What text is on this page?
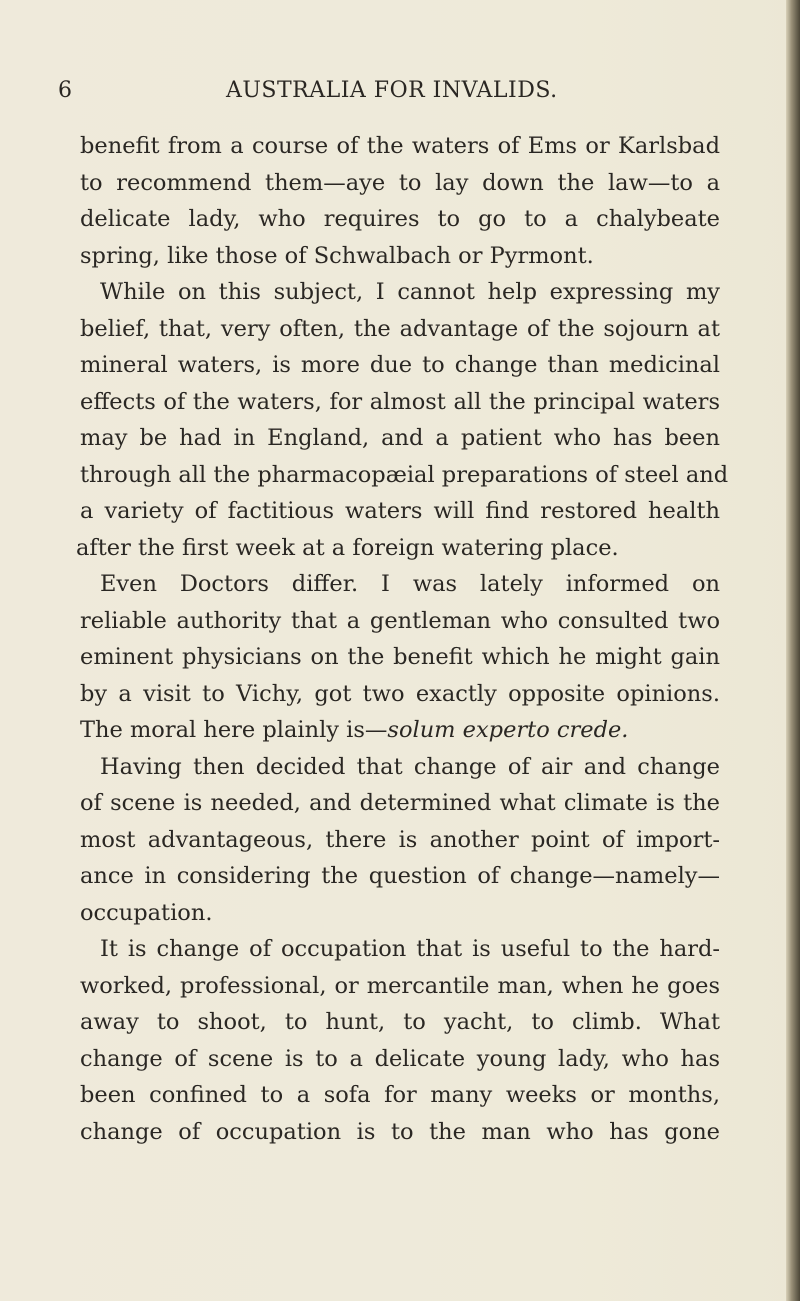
6	AUSTRALIA FOR INVALIDS.
benefit from a course of the waters of Ems or Karlsbad
to recommend them—aye to lay down the law—to a
delicate lady, who requires to go to a chalybeate
spring, like those of Schwalbach or Pyrmont.
While on this subject, I cannot help expressing my
belief, that, very often, the advantage of the sojourn at
mineral waters, is more due to change than medicinal
effects of the waters, for almost all the principal waters
may be had in England, and a patient who has been
through all the pharmacopæial preparations of steel and
a variety of factitious waters will find restored health
after the first week at a foreign watering place.
Even Doctors differ. I was lately informed on
reliable authority that a gentleman who consulted two
eminent physicians on the benefit which he might gain
by a visit to Vichy, got two exactly opposite opinions.
The moral here plainly is—solum experto crede.
Having then decided that change of air and change
of scene is needed, and determined what climate is the
most advantageous, there is another point of import-
ance in considering the question of change—namely—
occupation.
It is change of occupation that is useful to the hard-
worked, professional, or mercantile man, when he goes
away to shoot, to hunt, to yacht, to climb. What
change of scene is to a delicate young lady, who has
been confined to a sofa for many weeks or months,
change of occupation is to the man who has gone
